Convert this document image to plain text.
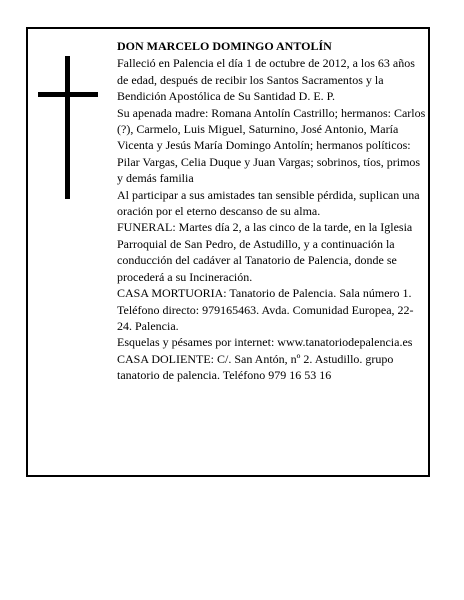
DON MARCELO DOMINGO ANTOLÍN

Falleció en Palencia el día 1 de octubre de 2012, a los 63 años de edad, después de recibir los Santos Sacramentos y la Bendición Apostólica de Su Santidad D. E. P.

Su apenada madre: Romana Antolín Castrillo; hermanos: Carlos (?), Carmelo, Luis Miguel, Saturnino, José Antonio, María Vicenta y Jesús María Domingo Antolín; hermanos políticos: Pilar Vargas, Celia Duque y Juan Vargas; sobrinos, tíos, primos y demás familia

Al participar a sus amistades tan sensible pérdida, suplican una oración por el eterno descanso de su alma.

FUNERAL: Martes día 2, a las cinco de la tarde, en la Iglesia Parroquial de San Pedro, de Astudillo, y a continuación la conducción del cadáver al Tanatorio de Palencia, donde se procederá a su Incineración.

CASA MORTUORIA: Tanatorio de Palencia. Sala número 1. Teléfono directo: 979165463. Avda. Comunidad Europea, 22-24. Palencia.

Esquelas y pésames por internet: www.tanatoriodepalencia.es

CASA DOLIENTE: C/. San Antón, nº 2. Astudillo. grupo tanatorio de palencia. Teléfono 979 16 53 16
